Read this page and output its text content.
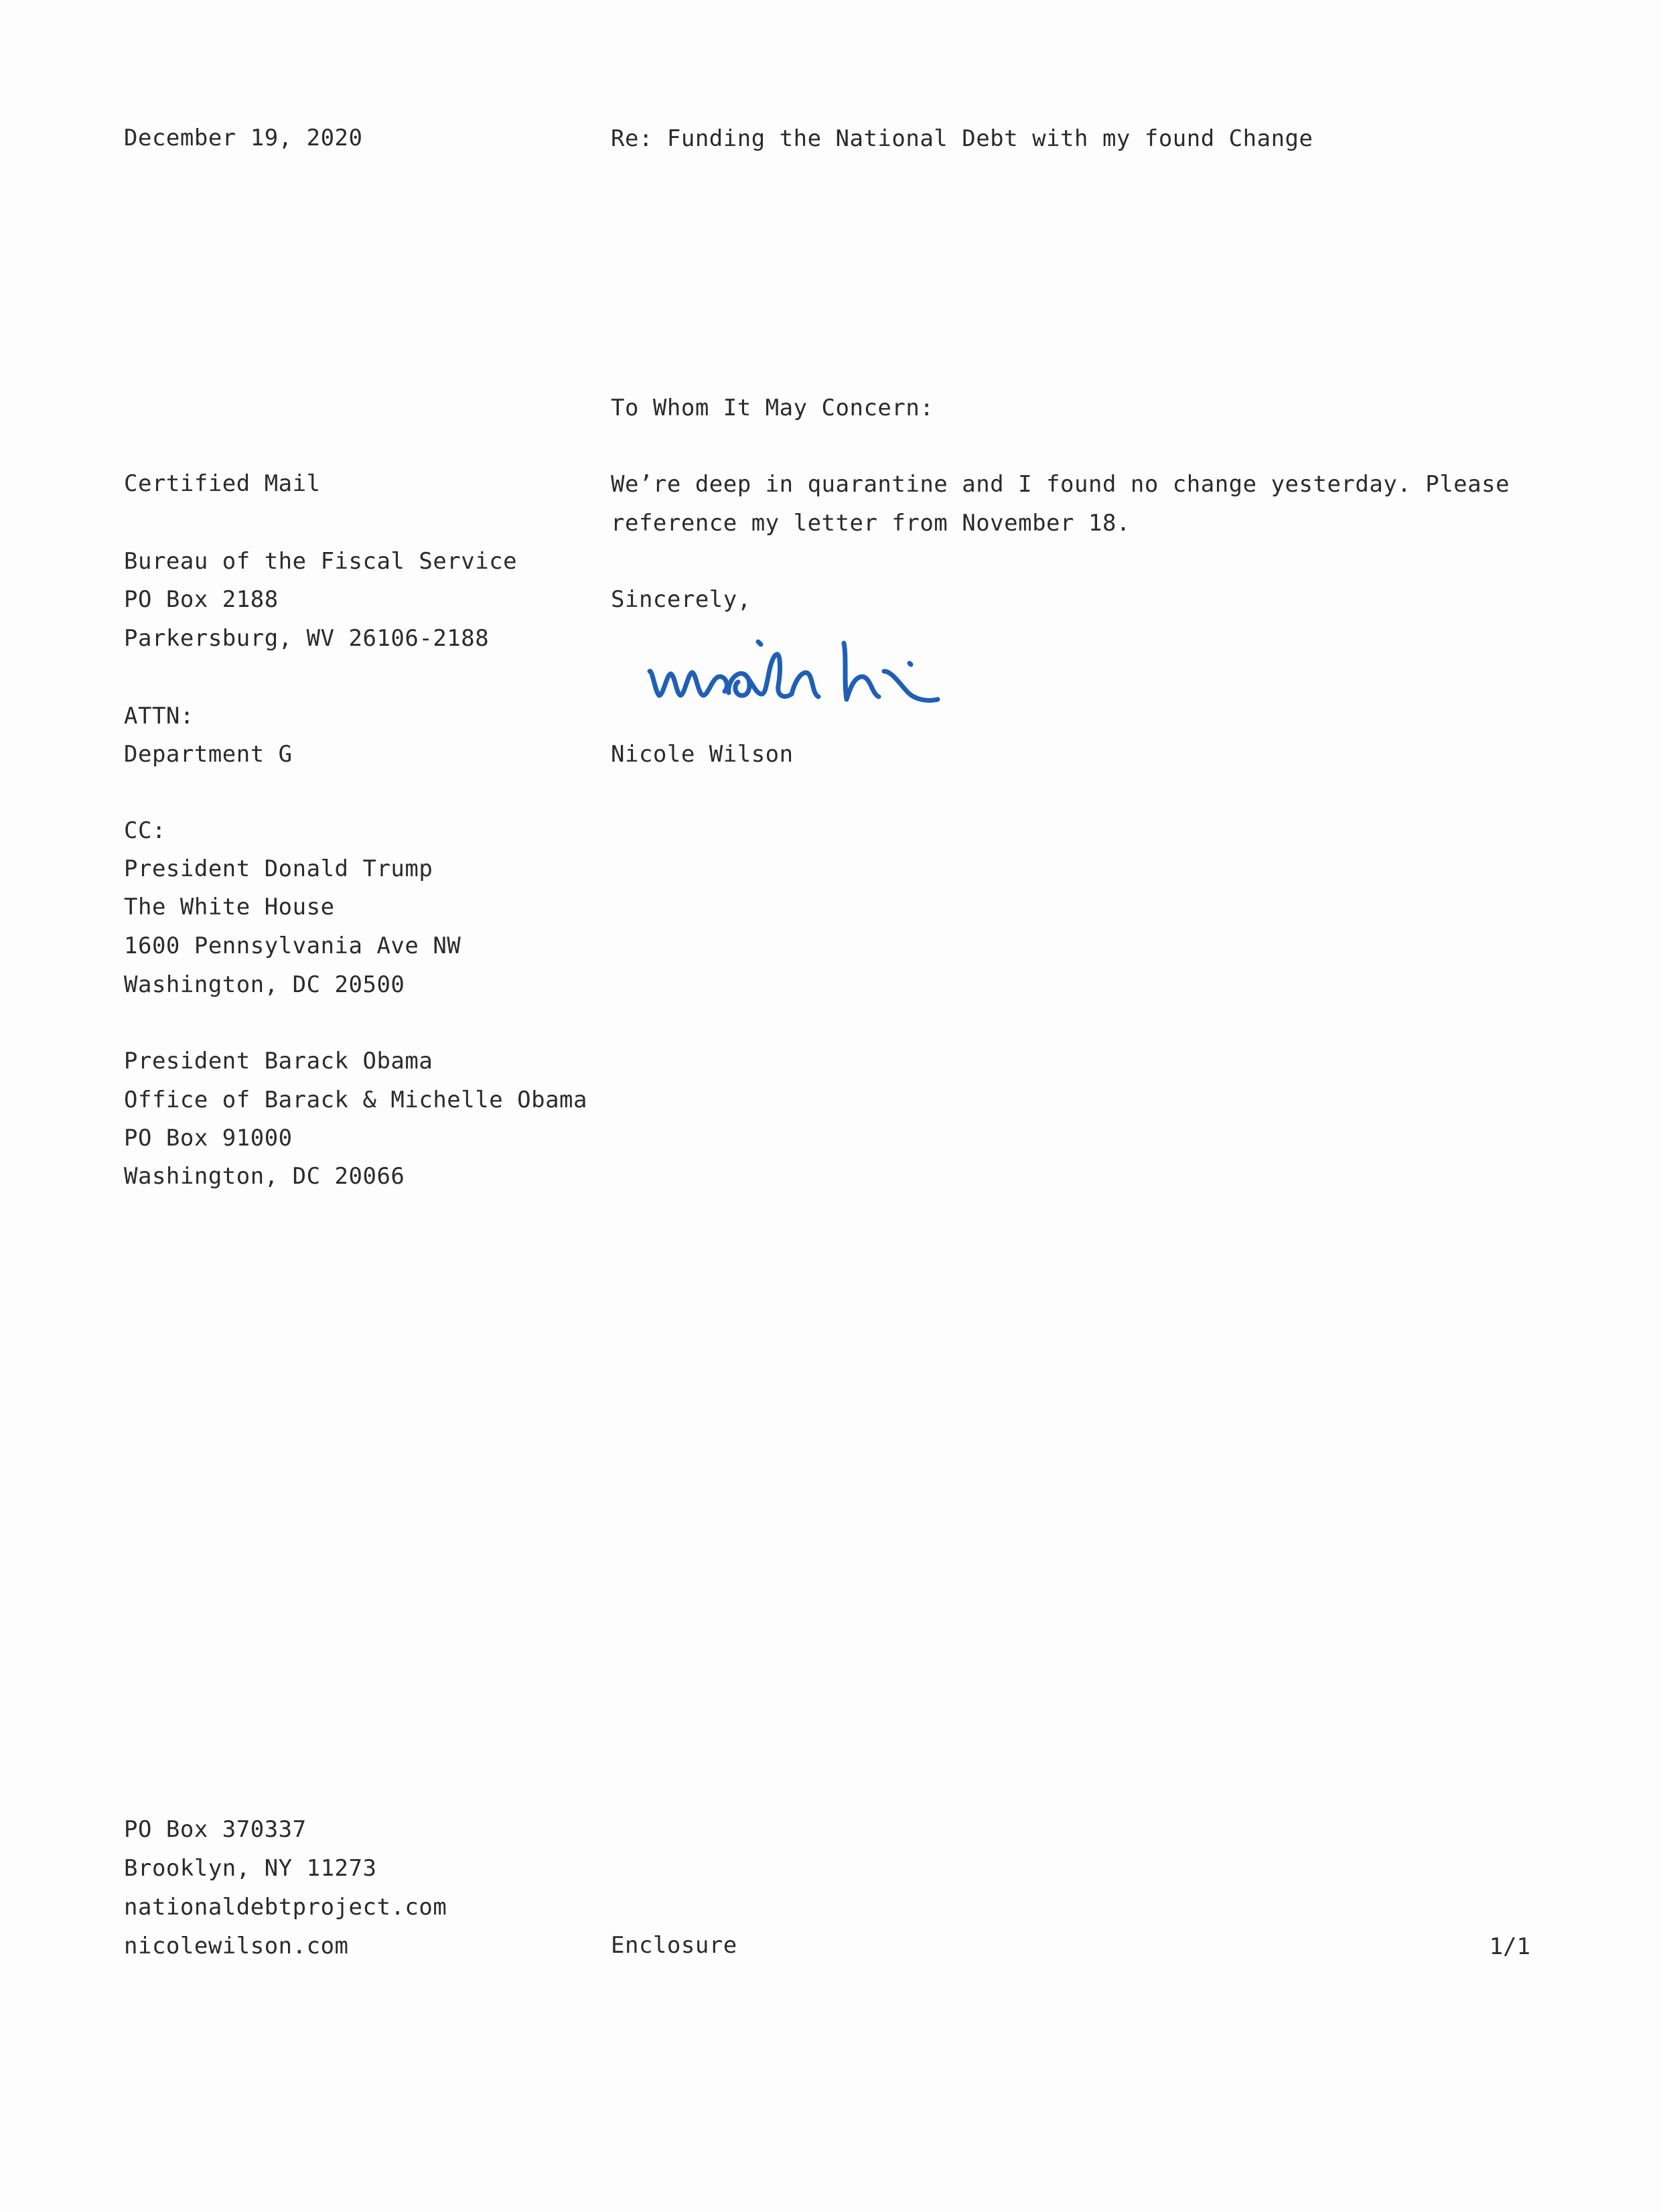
December 19, 2020	Re: Funding the National Debt with my found Change
To Whom It May Concern:
Certified Mail
Bureau of the Fiscal Service
PO Box 2188
Parkersburg, WV 26106-2188
ATTN:
Department G
CC:
President Donald Trump
The White House
1600 Pennsylvania Ave NW
Washington, DC 20500
President Barack Obama
Office of Barack & Michelle Obama
PO Box 91000
Washington, DC 20066
We’re deep in quarantine and I found no change yesterday. Please
reference my letter from November 18.
Sincerely,
Nicole Wilson
Nicole Wilson
PO Box 370337
Brooklyn, NY 11273
nationaldebtproject.com
nicolewilson.com	Enclosure	1/1
